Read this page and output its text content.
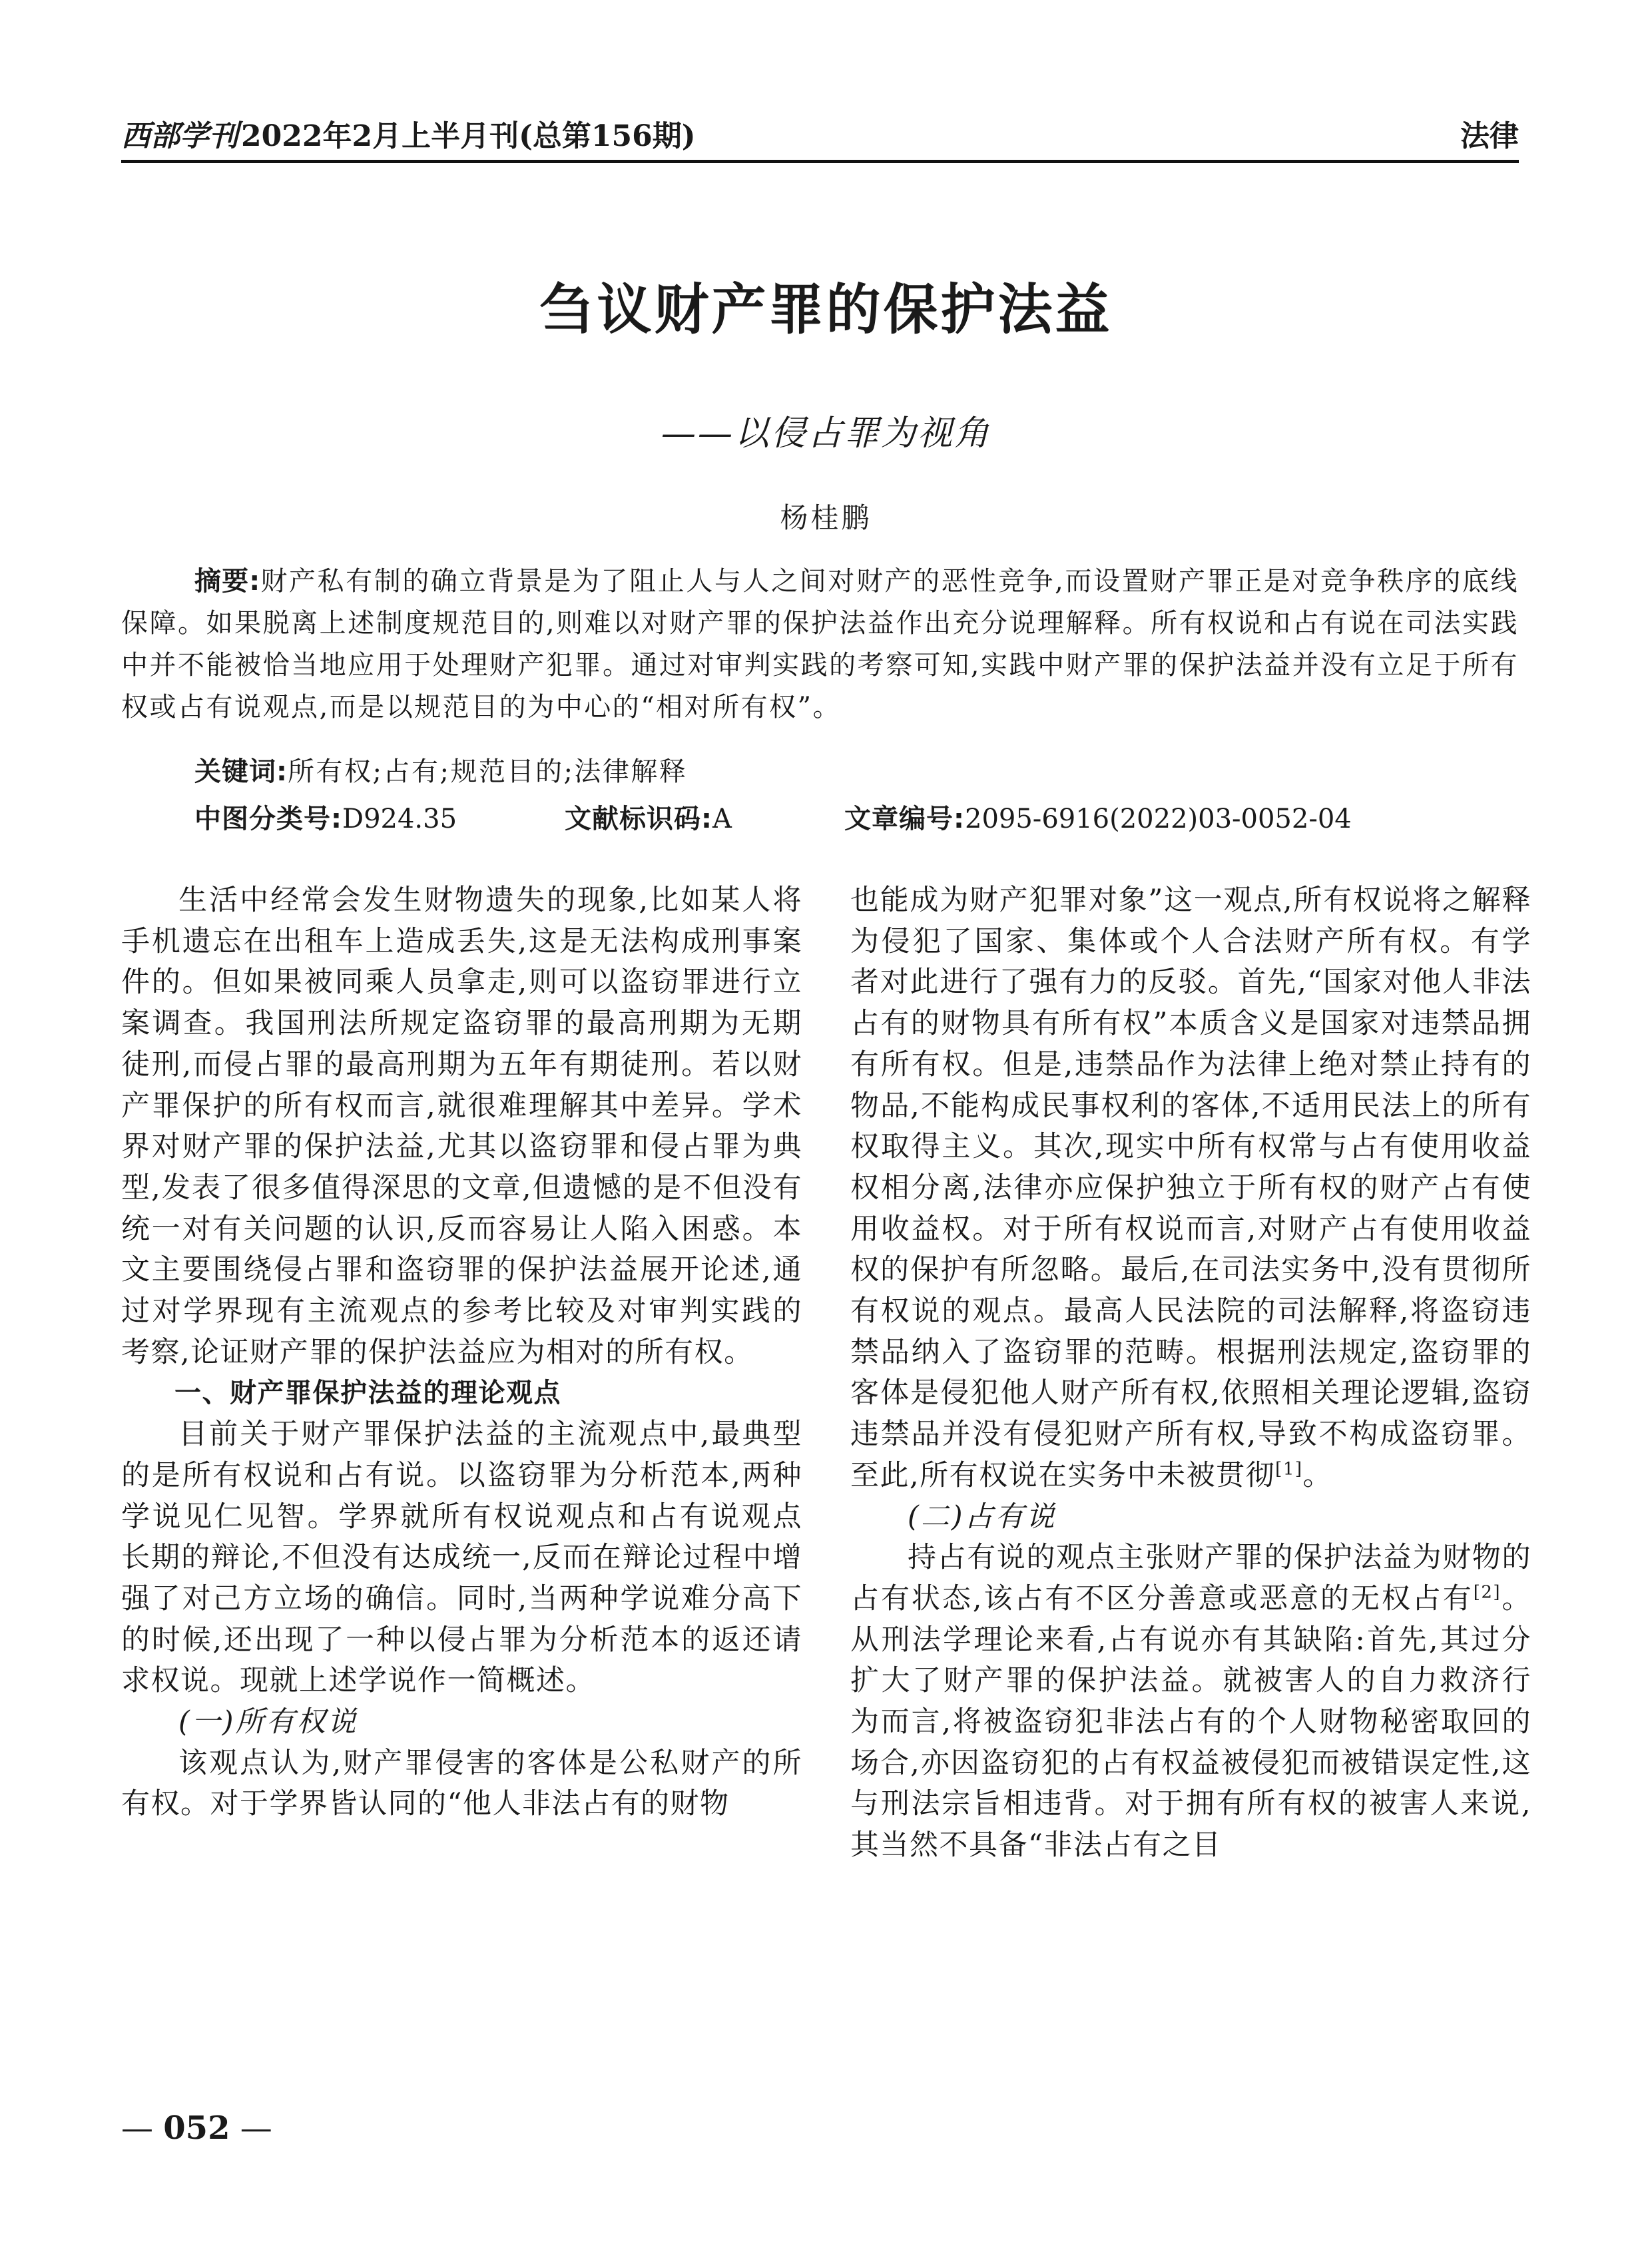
西部学刊2022年2月上半月刊(总第156期)	法律
刍议财产罪的保护法益
——以侵占罪为视角
杨桂鹏
摘要:财产私有制的确立背景是为了阻止人与人之间对财产的恶性竞争,而设置财产罪正是对竞争秩序的底线保障。如果脱离上述制度规范目的,则难以对财产罪的保护法益作出充分说理解释。所有权说和占有说在司法实践中并不能被恰当地应用于处理财产犯罪。通过对审判实践的考察可知,实践中财产罪的保护法益并没有立足于所有权或占有说观点,而是以规范目的为中心的“相对所有权”。
关键词:所有权;占有;规范目的;法律解释
中图分类号:D924.35	文献标识码:A	文章编号:2095-6916(2022)03-0052-04

生活中经常会发生财物遗失的现象,比如某人将手机遗忘在出租车上造成丢失,这是无法构成刑事案件的。但如果被同乘人员拿走,则可以盗窃罪进行立案调查。我国刑法所规定盗窃罪的最高刑期为无期徒刑,而侵占罪的最高刑期为五年有期徒刑。若以财产罪保护的所有权而言,就很难理解其中差异。学术界对财产罪的保护法益,尤其以盗窃罪和侵占罪为典型,发表了很多值得深思的文章,但遗憾的是不但没有统一对有关问题的认识,反而容易让人陷入困惑。本文主要围绕侵占罪和盗窃罪的保护法益展开论述,通过对学界现有主流观点的参考比较及对审判实践的考察,论证财产罪的保护法益应为相对的所有权。

一、财产罪保护法益的理论观点

目前关于财产罪保护法益的主流观点中,最典型的是所有权说和占有说。以盗窃罪为分析范本,两种学说见仁见智。学界就所有权说观点和占有说观点长期的辩论,不但没有达成统一,反而在辩论过程中增强了对己方立场的确信。同时,当两种学说难分高下的时候,还出现了一种以侵占罪为分析范本的返还请求权说。现就上述学说作一简概述。

(一)所有权说

该观点认为,财产罪侵害的客体是公私财产的所有权。对于学界皆认同的“他人非法占有的财物

也能成为财产犯罪对象”这一观点,所有权说将之解释为侵犯了国家、集体或个人合法财产所有权。有学者对此进行了强有力的反驳。首先,“国家对他人非法占有的财物具有所有权”本质含义是国家对违禁品拥有所有权。但是,违禁品作为法律上绝对禁止持有的物品,不能构成民事权利的客体,不适用民法上的所有权取得主义。其次,现实中所有权常与占有使用收益权相分离,法律亦应保护独立于所有权的财产占有使用收益权。对于所有权说而言,对财产占有使用收益权的保护有所忽略。最后,在司法实务中,没有贯彻所有权说的观点。最高人民法院的司法解释,将盗窃违禁品纳入了盗窃罪的范畴。根据刑法规定,盗窃罪的客体是侵犯他人财产所有权,依照相关理论逻辑,盗窃违禁品并没有侵犯财产所有权,导致不构成盗窃罪。至此,所有权说在实务中未被贯彻[1]。

(二)占有说

持占有说的观点主张财产罪的保护法益为财物的占有状态,该占有不区分善意或恶意的无权占有[2]。从刑法学理论来看,占有说亦有其缺陷:首先,其过分扩大了财产罪的保护法益。就被害人的自力救济行为而言,将被盗窃犯非法占有的个人财物秘密取回的场合,亦因盗窃犯的占有权益被侵犯而被错误定性,这与刑法宗旨相违背。对于拥有所有权的被害人来说,其当然不具备“非法占有之目

— 052 —
